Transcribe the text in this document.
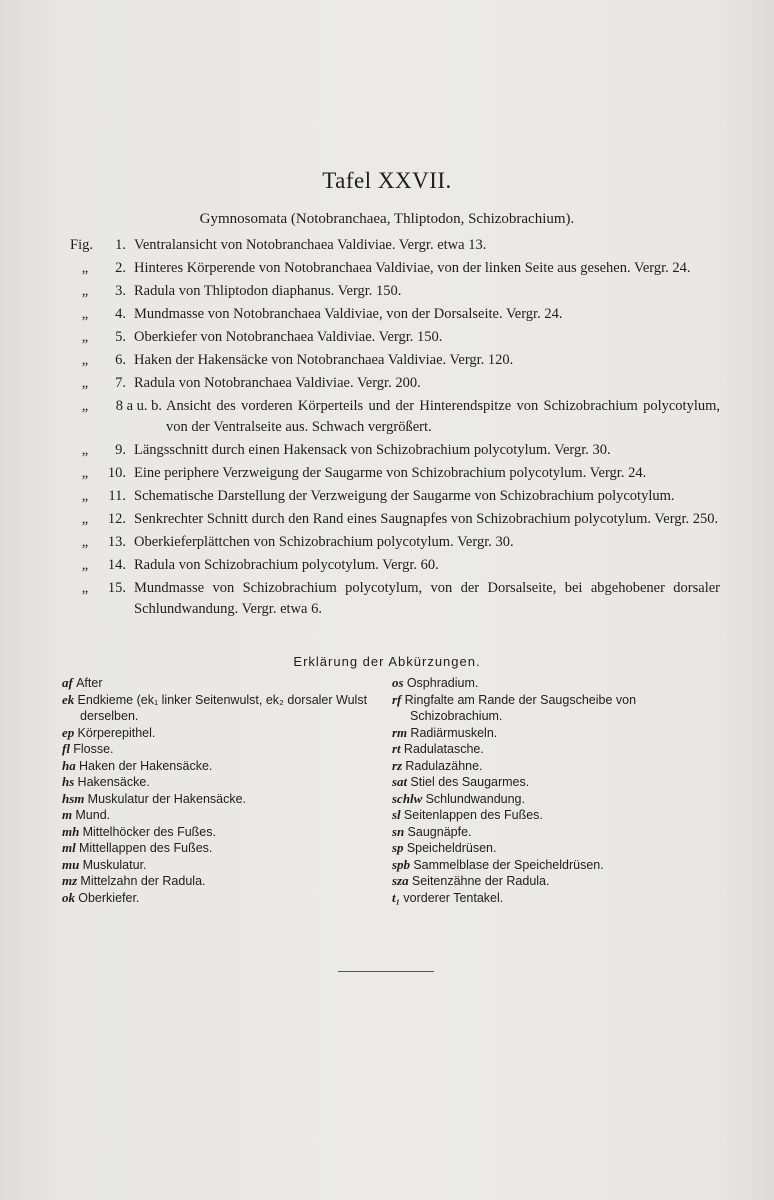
Tafel XXVII.
Gymnosomata (Notobranchaea, Thliptodon, Schizobrachium).
Fig.	1. Ventralansicht von Notobranchaea Valdiviae. Vergr. etwa 13.
„	2. Hinteres Körperende von Notobranchaea Valdiviae, von der linken Seite aus gesehen. Vergr. 24.
„	3. Radula von Thliptodon diaphanus. Vergr. 150.
„	4. Mundmasse von Notobranchaea Valdiviae, von der Dorsalseite. Vergr. 24.
„	5. Oberkiefer von Notobranchaea Valdiviae. Vergr. 150.
„	6. Haken der Hakensäcke von Notobranchaea Valdiviae. Vergr. 120.
„	7. Radula von Notobranchaea Valdiviae. Vergr. 200.
„	8 a u. b. Ansicht des vorderen Körperteils und der Hinterendspitze von Schizobrachium polycotylum, von der Ventralseite aus. Schwach vergrößert.
„	9. Längsschnitt durch einen Hakensack von Schizobrachium polycotylum. Vergr. 30.
„	10. Eine periphere Verzweigung der Saugarme von Schizobrachium polycotylum. Vergr. 24.
„	11. Schematische Darstellung der Verzweigung der Saugarme von Schizobrachium polycotylum.
„	12. Senkrechter Schnitt durch den Rand eines Saugnapfes von Schizobrachium polycotylum. Vergr. 250.
„	13. Oberkieferplättchen von Schizobrachium polycotylum. Vergr. 30.
„	14. Radula von Schizobrachium polycotylum. Vergr. 60.
„	15. Mundmasse von Schizobrachium polycotylum, von der Dorsalseite, bei abgehobener dorsaler Schlundwandung. Vergr. etwa 6.
Erklärung der Abkürzungen.
af After
ek Endkieme (ek₁ linker Seitenwulst, ek₂ dorsaler Wulst derselben.
ep Körperepithel.
fl Flosse.
ha Haken der Hakensäcke.
hs Hakensäcke.
hsm Muskulatur der Hakensäcke.
m Mund.
mh Mittelhöcker des Fußes.
ml Mittellappen des Fußes.
mu Muskulatur.
mz Mittelzahn der Radula.
ok Oberkiefer.
os Osphradium.
rf Ringfalte am Rande der Saugscheibe von Schizobrachium.
rm Radiärmuskeln.
rt Radulatasche.
rz Radulazähne.
sat Stiel des Saugarmes.
schlw Schlundwandung.
sl Seitenlappen des Fußes.
sn Saugnäpfe.
sp Speicheldrüsen.
spb Sammelblase der Speicheldrüsen.
sza Seitenzähne der Radula.
t₁ vorderer Tentakel.
